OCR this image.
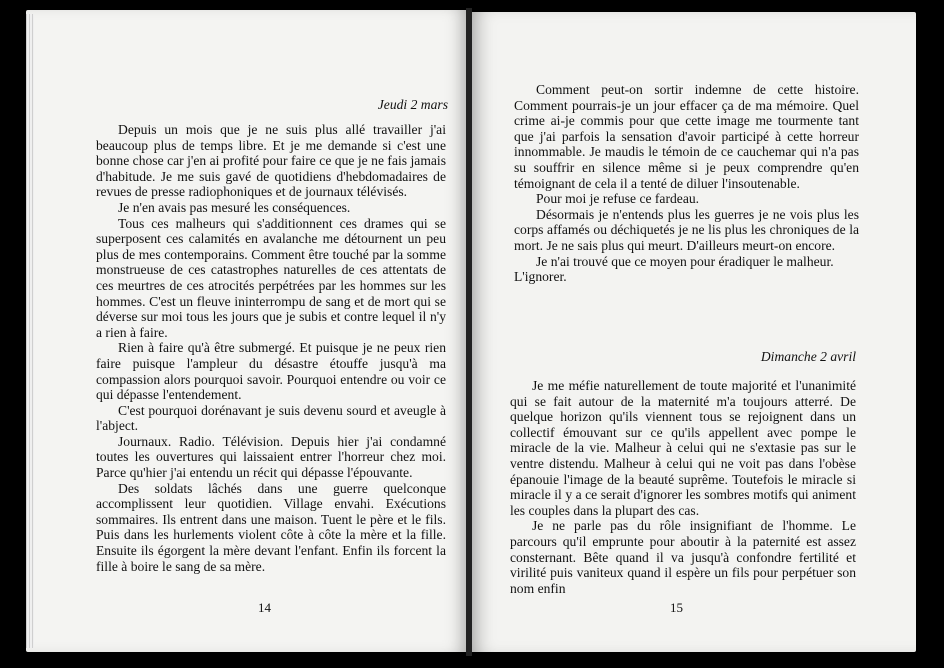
Jeudi 2 mars

Depuis un mois que je ne suis plus allé travailler j'ai beaucoup plus de temps libre. Et je me demande si c'est une bonne chose car j'en ai profité pour faire ce que je ne fais jamais d'habitude. Je me suis gavé de quotidiens d'hebdomadaires de revues de presse radiophoniques et de journaux télévisés.

Je n'en avais pas mesuré les conséquences.

Tous ces malheurs qui s'additionnent ces drames qui se superposent ces calamités en avalanche me détournent un peu plus de mes contemporains. Comment être touché par la somme monstrueuse de ces catastrophes naturelles de ces attentats de ces meurtres de ces atrocités perpétrées par les hommes sur les hommes. C'est un fleuve ininterrompu de sang et de mort qui se déverse sur moi tous les jours que je subis et contre lequel il n'y a rien à faire.

Rien à faire qu'à être submergé. Et puisque je ne peux rien faire puisque l'ampleur du désastre étouffe jusqu'à ma compassion alors pourquoi savoir. Pourquoi entendre ou voir ce qui dépasse l'entendement.

C'est pourquoi dorénavant je suis devenu sourd et aveugle à l'abject.

Journaux. Radio. Télévision. Depuis hier j'ai condamné toutes les ouvertures qui laissaient entrer l'horreur chez moi. Parce qu'hier j'ai entendu un récit qui dépasse l'épouvante.

Des soldats lâchés dans une guerre quelconque accomplissent leur quotidien. Village envahi. Exécutions sommaires. Ils entrent dans une maison. Tuent le père et le fils. Puis dans les hurlements violent côte à côte la mère et la fille. Ensuite ils égorgent la mère devant l'enfant. Enfin ils forcent la fille à boire le sang de sa mère.

14

Comment peut-on sortir indemne de cette histoire. Comment pourrais-je un jour effacer ça de ma mémoire. Quel crime ai-je commis pour que cette image me tourmente tant que j'ai parfois la sensation d'avoir participé à cette horreur innommable. Je maudis le témoin de ce cauchemar qui n'a pas su souffrir en silence même si je peux comprendre qu'en témoignant de cela il a tenté de diluer l'insoutenable.

Pour moi je refuse ce fardeau.

Désormais je n'entends plus les guerres je ne vois plus les corps affamés ou déchiquetés je ne lis plus les chroniques de la mort. Je ne sais plus qui meurt. D'ailleurs meurt-on encore.

Je n'ai trouvé que ce moyen pour éradiquer le malheur.

L'ignorer.

Dimanche 2 avril

Je me méfie naturellement de toute majorité et l'unanimité qui se fait autour de la maternité m'a toujours atterré. De quelque horizon qu'ils viennent tous se rejoignent dans un collectif émouvant sur ce qu'ils appellent avec pompe le miracle de la vie. Malheur à celui qui ne s'extasie pas sur le ventre distendu. Malheur à celui qui ne voit pas dans l'obèse épanouie l'image de la beauté suprême. Toutefois le miracle si miracle il y a ce serait d'ignorer les sombres motifs qui animent les couples dans la plupart des cas.

Je ne parle pas du rôle insignifiant de l'homme. Le parcours qu'il emprunte pour aboutir à la paternité est assez consternant. Bête quand il va jusqu'à confondre fertilité et virilité puis vaniteux quand il espère un fils pour perpétuer son nom enfin

15
